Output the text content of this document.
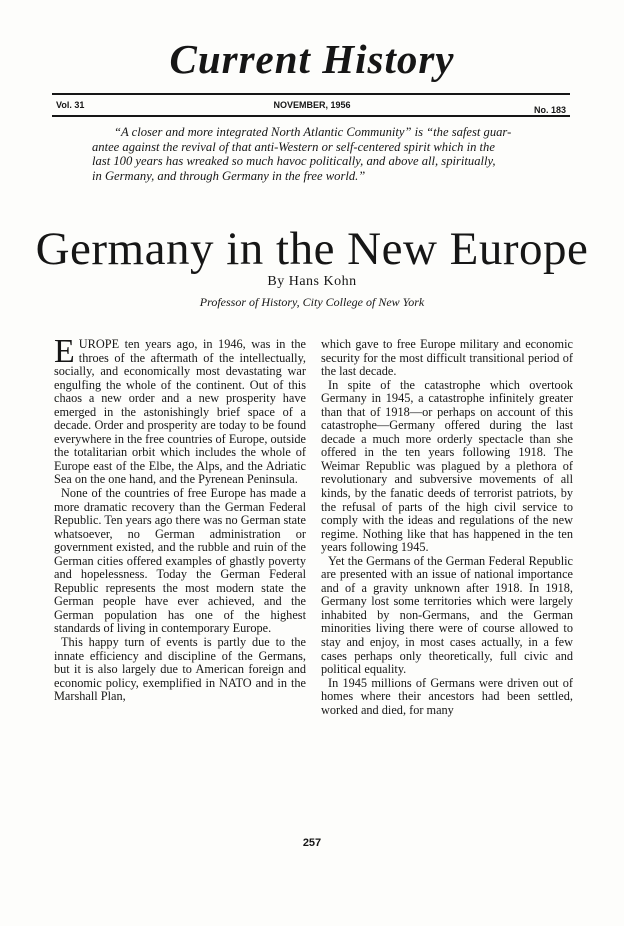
Current History
Vol. 31	NOVEMBER, 1956	No. 183
“A closer and more integrated North Atlantic Community” is “the safest guar-
antee against the revival of that anti-Western or self-centered spirit which in the
last 100 years has wreaked so much havoc politically, and above all, spiritually,
in Germany, and through Germany in the free world.”
Germany in the New Europe
By Hans Kohn
Professor of History, City College of New York

EUROPE ten years ago, in 1946, was in the throes of the aftermath of the intellectually, socially, and economically most devastating war engulfing the whole of the continent. Out of this chaos a new order and a new prosperity have emerged in the astonishingly brief space of a decade. Order and prosperity are today to be found everywhere in the free countries of Europe, outside the totalitarian orbit which includes the whole of Europe east of the Elbe, the Alps, and the Adriatic Sea on the one hand, and the Pyrenean Peninsula.

None of the countries of free Europe has made a more dramatic recovery than the German Federal Republic. Ten years ago there was no German state whatsoever, no German administration or government existed, and the rubble and ruin of the German cities offered examples of ghastly poverty and hopelessness. Today the German Federal Republic represents the most modern state the German people have ever achieved, and the German population has one of the highest standards of living in contemporary Europe.

This happy turn of events is partly due to the innate efficiency and discipline of the Germans, but it is also largely due to American foreign and economic policy, exemplified in NATO and in the Marshall Plan,

which gave to free Europe military and economic security for the most difficult transitional period of the last decade.

In spite of the catastrophe which overtook Germany in 1945, a catastrophe infinitely greater than that of 1918—or perhaps on account of this catastrophe—Germany offered during the last decade a much more orderly spectacle than she offered in the ten years following 1918. The Weimar Republic was plagued by a plethora of revolutionary and subversive movements of all kinds, by the fanatic deeds of terrorist patriots, by the refusal of parts of the high civil service to comply with the ideas and regulations of the new regime. Nothing like that has happened in the ten years following 1945.

Yet the Germans of the German Federal Republic are presented with an issue of national importance and of a gravity unknown after 1918. In 1918, Germany lost some territories which were largely inhabited by non-Germans, and the German minorities living there were of course allowed to stay and enjoy, in most cases actually, in a few cases perhaps only theoretically, full civic and political equality.

In 1945 millions of Germans were driven out of homes where their ancestors had been settled, worked and died, for many

257
